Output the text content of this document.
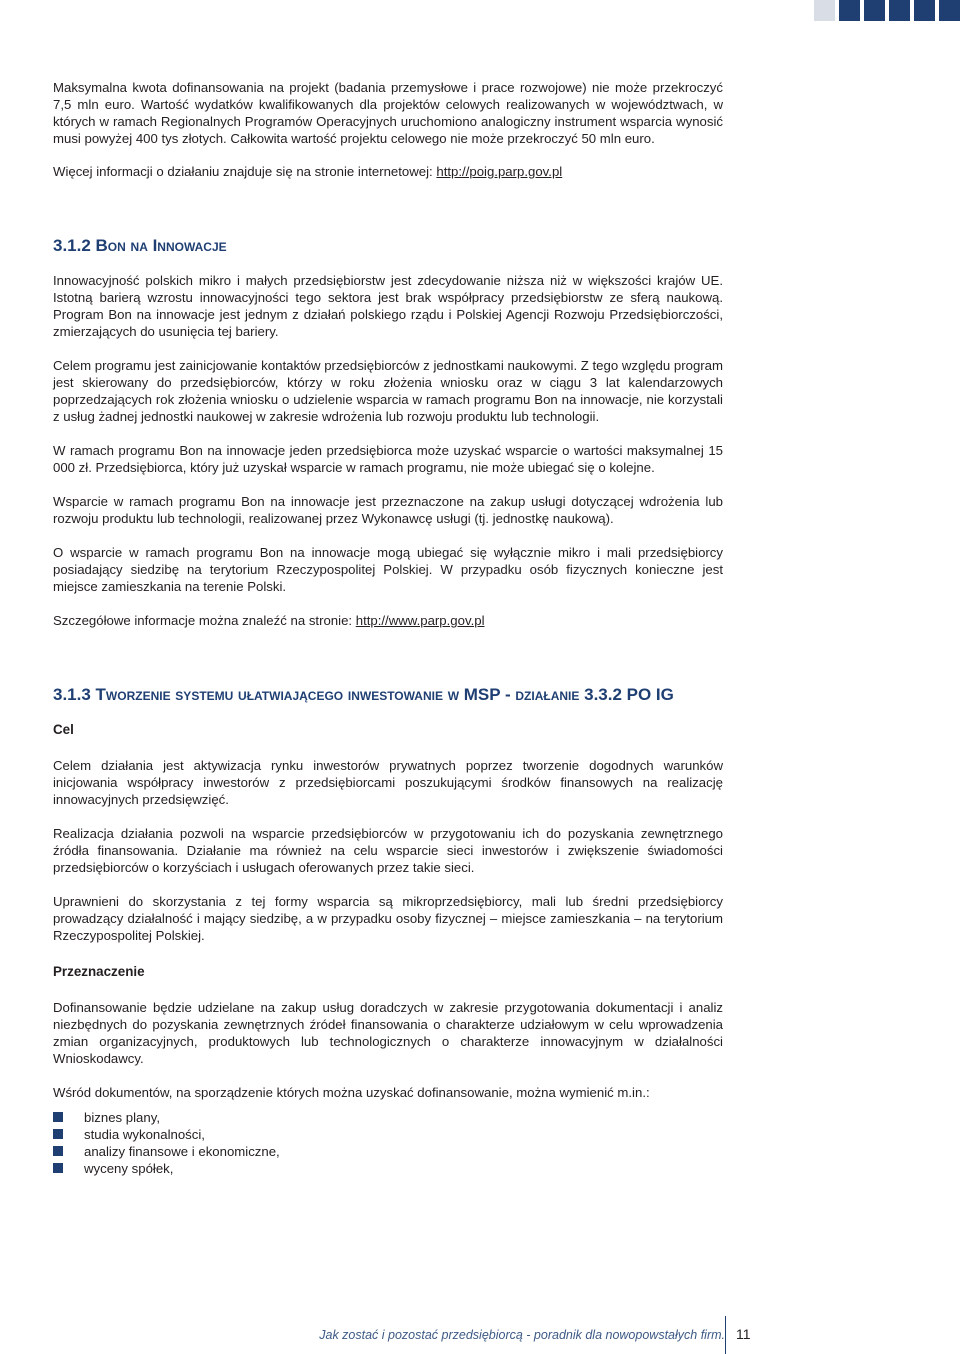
Maksymalna kwota dofinansowania na projekt (badania przemysłowe i prace rozwojowe) nie może przekroczyć 7,5 mln euro. Wartość wydatków kwalifikowanych dla projektów celowych realizowanych w województwach, w których w ramach Regionalnych Programów Operacyjnych uruchomiono analogiczny instrument wsparcia wynosić musi powyżej 400 tys złotych. Całkowita wartość projektu celowego nie może przekroczyć 50 mln euro.

Więcej informacji o działaniu znajduje się na stronie internetowej: http://poig.parp.gov.pl

3.1.2 Bon na Innowacje

Innowacyjność polskich mikro i małych przedsiębiorstw jest zdecydowanie niższa niż w większości krajów UE. Istotną barierą wzrostu innowacyjności tego sektora jest brak współpracy przedsiębiorstw ze sferą naukową. Program Bon na innowacje jest jednym z działań polskiego rządu i Polskiej Agencji Rozwoju Przedsiębiorczości, zmierzających do usunięcia tej bariery.

Celem programu jest zainicjowanie kontaktów przedsiębiorców z jednostkami naukowymi. Z tego względu program jest skierowany do przedsiębiorców, którzy w roku złożenia wniosku oraz w ciągu 3 lat kalendarzowych poprzedzających rok złożenia wniosku o udzielenie wsparcia w ramach programu Bon na innowacje, nie korzystali z usług żadnej jednostki naukowej w zakresie wdrożenia lub rozwoju produktu lub technologii.

W ramach programu Bon na innowacje jeden przedsiębiorca może uzyskać wsparcie o wartości maksymalnej 15 000 zł. Przedsiębiorca, który już uzyskał wsparcie w ramach programu, nie może ubiegać się o kolejne.

Wsparcie w ramach programu Bon na innowacje jest przeznaczone na zakup usługi dotyczącej wdrożenia lub rozwoju produktu lub technologii, realizowanej przez Wykonawcę usługi (tj. jednostkę naukową).

O wsparcie w ramach programu Bon na innowacje mogą ubiegać się wyłącznie mikro i mali przedsiębiorcy posiadający siedzibę na terytorium Rzeczypospolitej Polskiej. W przypadku osób fizycznych konieczne jest miejsce zamieszkania na terenie Polski.

Szczegółowe informacje można znaleźć na stronie: http://www.parp.gov.pl

3.1.3 Tworzenie systemu ułatwiającego inwestowanie w MSP - działanie 3.3.2 PO IG
Cel

Celem działania jest aktywizacja rynku inwestorów prywatnych poprzez tworzenie dogodnych warunków inicjowania współpracy inwestorów z przedsiębiorcami poszukującymi środków finansowych na realizację innowacyjnych przedsięwzięć.

Realizacja działania pozwoli na wsparcie przedsiębiorców w przygotowaniu ich do pozyskania zewnętrznego źródła finansowania. Działanie ma również na celu wsparcie sieci inwestorów i zwiększenie świadomości przedsiębiorców o korzyściach i usługach oferowanych przez takie sieci.

Uprawnieni do skorzystania z tej formy wsparcia są mikroprzedsiębiorcy, mali lub średni przedsiębiorcy prowadzący działalność i mający siedzibę, a w przypadku osoby fizycznej – miejsce zamieszkania – na terytorium Rzeczypospolitej Polskiej.

Przeznaczenie

Dofinansowanie będzie udzielane na zakup usług doradczych w zakresie przygotowania dokumentacji i analiz niezbędnych do pozyskania zewnętrznych źródeł finansowania o charakterze udziałowym w celu wprowadzenia zmian organizacyjnych, produktowych lub technologicznych o charakterze innowacyjnym w działalności Wnioskodawcy.

Wśród dokumentów, na sporządzenie których można uzyskać dofinansowanie, można wymienić m.in.:

biznes plany,
studia wykonalności,
analizy finansowe i ekonomiczne,
wyceny spółek,
Jak zostać i pozostać przedsiębiorcą - poradnik dla nowopowstałych firm. 11
